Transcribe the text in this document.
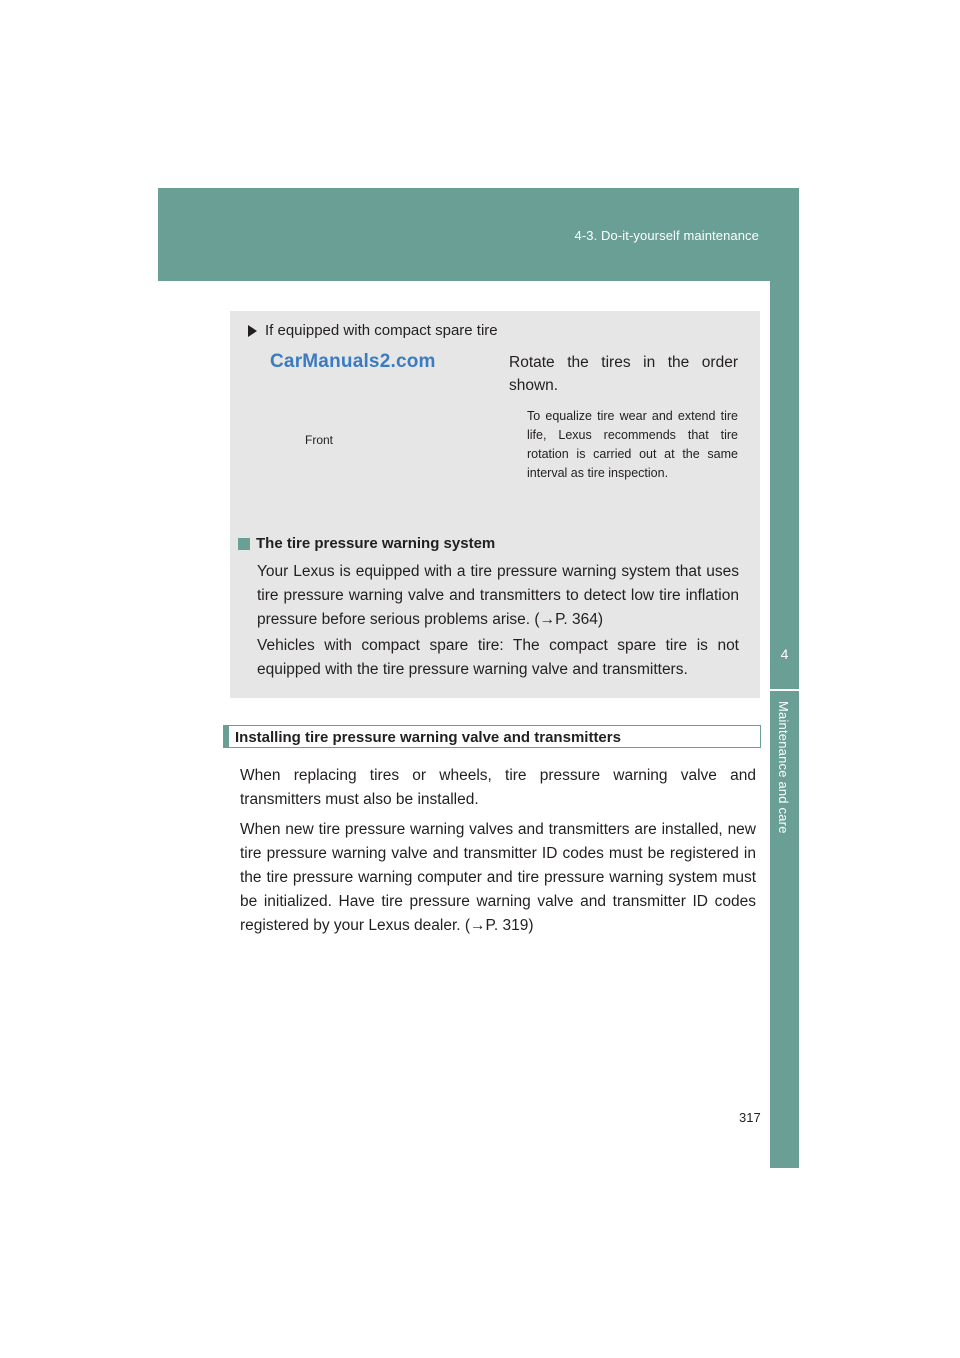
4-3. Do-it-yourself maintenance
4
Maintenance and care
If equipped with compact spare tire
CarManuals2.com
Front
Rotate the tires in the order shown.
To equalize tire wear and extend tire life, Lexus recommends that tire rotation is carried out at the same interval as tire inspection.
The tire pressure warning system
Your Lexus is equipped with a tire pressure warning system that uses tire pressure warning valve and transmitters to detect low tire inflation pressure before serious problems arise. (→P. 364)
Vehicles with compact spare tire: The compact spare tire is not equipped with the tire pressure warning valve and transmitters.
Installing tire pressure warning valve and transmitters
When replacing tires or wheels, tire pressure warning valve and transmitters must also be installed.
When new tire pressure warning valves and transmitters are installed, new tire pressure warning valve and transmitter ID codes must be registered in the tire pressure warning computer and tire pressure warning system must be initialized. Have tire pressure warning valve and transmitter ID codes registered by your Lexus dealer. (→P. 319)
317
